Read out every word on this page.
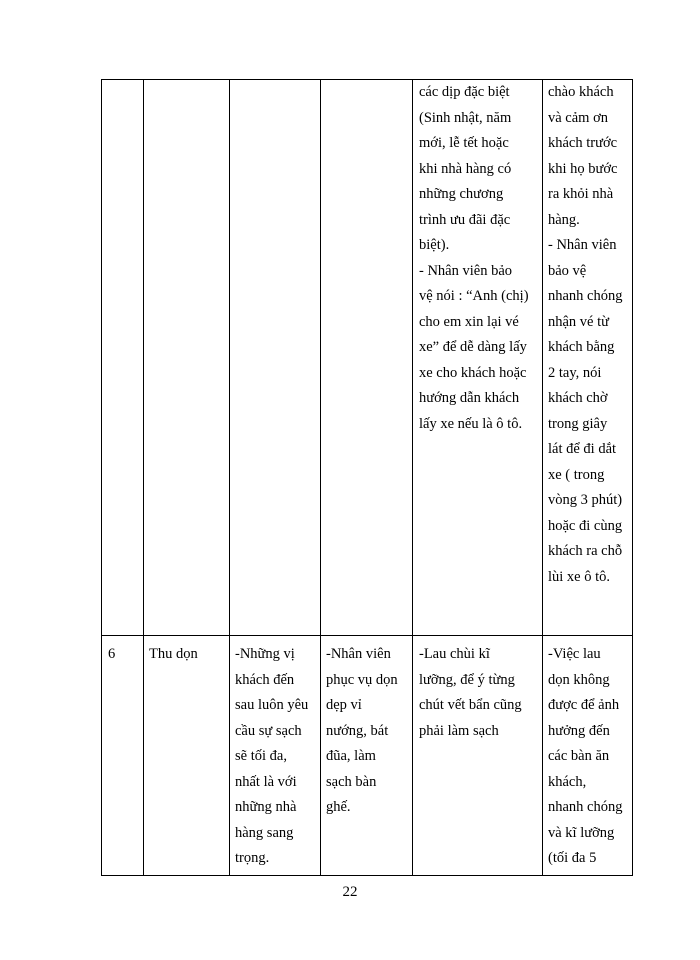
các dịp đặc biệt
(Sinh nhật, năm
mới, lễ tết hoặc
khi nhà hàng có
những chương
trình ưu đãi đặc
biệt).
- Nhân viên bảo
vệ nói : “Anh (chị)
cho em xin lại vé
xe” để dễ dàng lấy
xe cho khách hoặc
hướng dẫn khách
lấy xe nếu là ô tô.
chào khách
và cảm ơn
khách trước
khi họ bước
ra khỏi nhà
hàng.
- Nhân viên
bảo vệ
nhanh chóng
nhận vé từ
khách bằng
2 tay, nói
khách chờ
trong giây
lát để đi dắt
xe ( trong
vòng 3 phút)
hoặc đi cùng
khách ra chỗ
lùi xe ô tô.
6	Thu dọn	-Những vị
khách đến
sau luôn yêu
cầu sự sạch
sẽ tối đa,
nhất là với
những nhà
hàng sang
trọng.
-Nhân viên
phục vụ dọn
dẹp vỉ
nướng, bát
đũa, làm
sạch bàn
ghế.
-Lau chùi kĩ
lưỡng, để ý từng
chút vết bẩn cũng
phải làm sạch
-Việc lau
dọn không
được để ảnh
hưởng đến
các bàn ăn
khách,
nhanh chóng
và kĩ lưỡng
(tối đa 5
22
